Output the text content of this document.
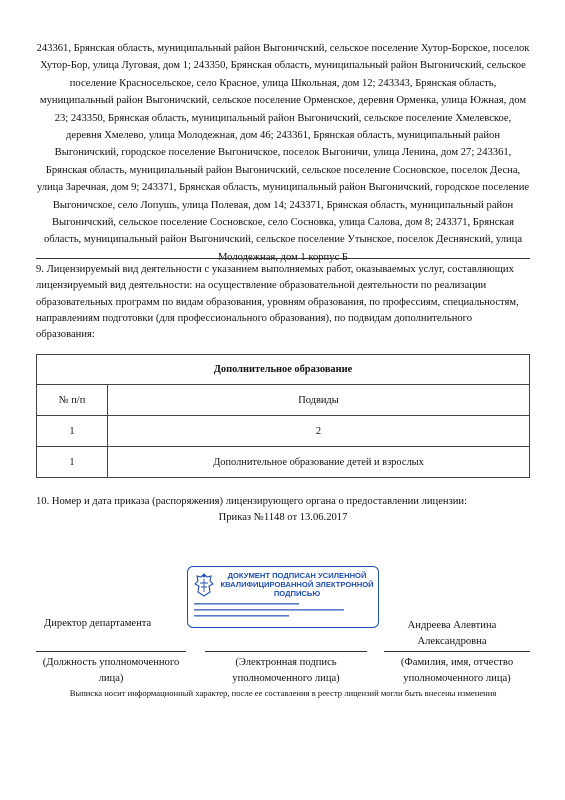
243361, Брянская область, муниципальный район Выгоничский, сельское поселение Хутор-Борское, поселок Хутор-Бор, улица Луговая, дом 1; 243350, Брянская область, муниципальный район Выгоничский, сельское поселение Красносельское, село Красное, улица Школьная, дом 12; 243343, Брянская область, муниципальный район Выгоничский, сельское поселение Орменское, деревня Орменка, улица Южная, дом 23; 243350, Брянская область, муниципальный район Выгоничский, сельское поселение Хмелевское, деревня Хмелево, улица Молодежная, дом 46; 243361, Брянская область, муниципальный район Выгоничский, городское поселение Выгоничское, поселок Выгоничи, улица Ленина, дом 27; 243361, Брянская область, муниципальный район Выгоничский, сельское поселение Сосновское, поселок Десна, улица Заречная, дом 9; 243371, Брянская область, муниципальный район Выгоничский, городское поселение Выгоничское, село Лопушь, улица Полевая, дом 14; 243371, Брянская область, муниципальный район Выгоничский, сельское поселение Сосновское, село Сосновка, улица Салова, дом 8; 243371, Брянская область, муниципальный район Выгоничский, сельское поселение Утынское, поселок Деснянский, улица Молодежная, дом 1 корпус Б
9. Лицензируемый вид деятельности с указанием выполняемых работ, оказываемых услуг, составляющих лицензируемый вид деятельности: на осуществление образовательной деятельности по реализации образовательных программ по видам образования, уровням образования, по профессиям, специальностям, направлениям подготовки (для профессионального образования), по подвидам дополнительного образования:
Дополнительное образование	
№ п/п	Подвиды
1	2
1	Дополнительное образование детей и взрослых
10. Номер и дата приказа (распоряжения) лицензирующего органа о предоставлении лицензии:
Приказ №1148 от 13.06.2017
ДОКУМЕНТ ПОДПИСАН УСИЛЕННОЙ КВАЛИФИЦИРОВАННОЙ ЭЛЕКТРОННОЙ ПОДПИСЬЮ
Директор департамента	Андреева Алевтина Александровна
(Должность уполномоченного лица)
(Электронная подпись уполномоченного лица)
(Фамилия, имя, отчество уполномоченного лица)
Выписка носит информационный характер, после ее составления в реестр лицензий могли быть внесены изменения
